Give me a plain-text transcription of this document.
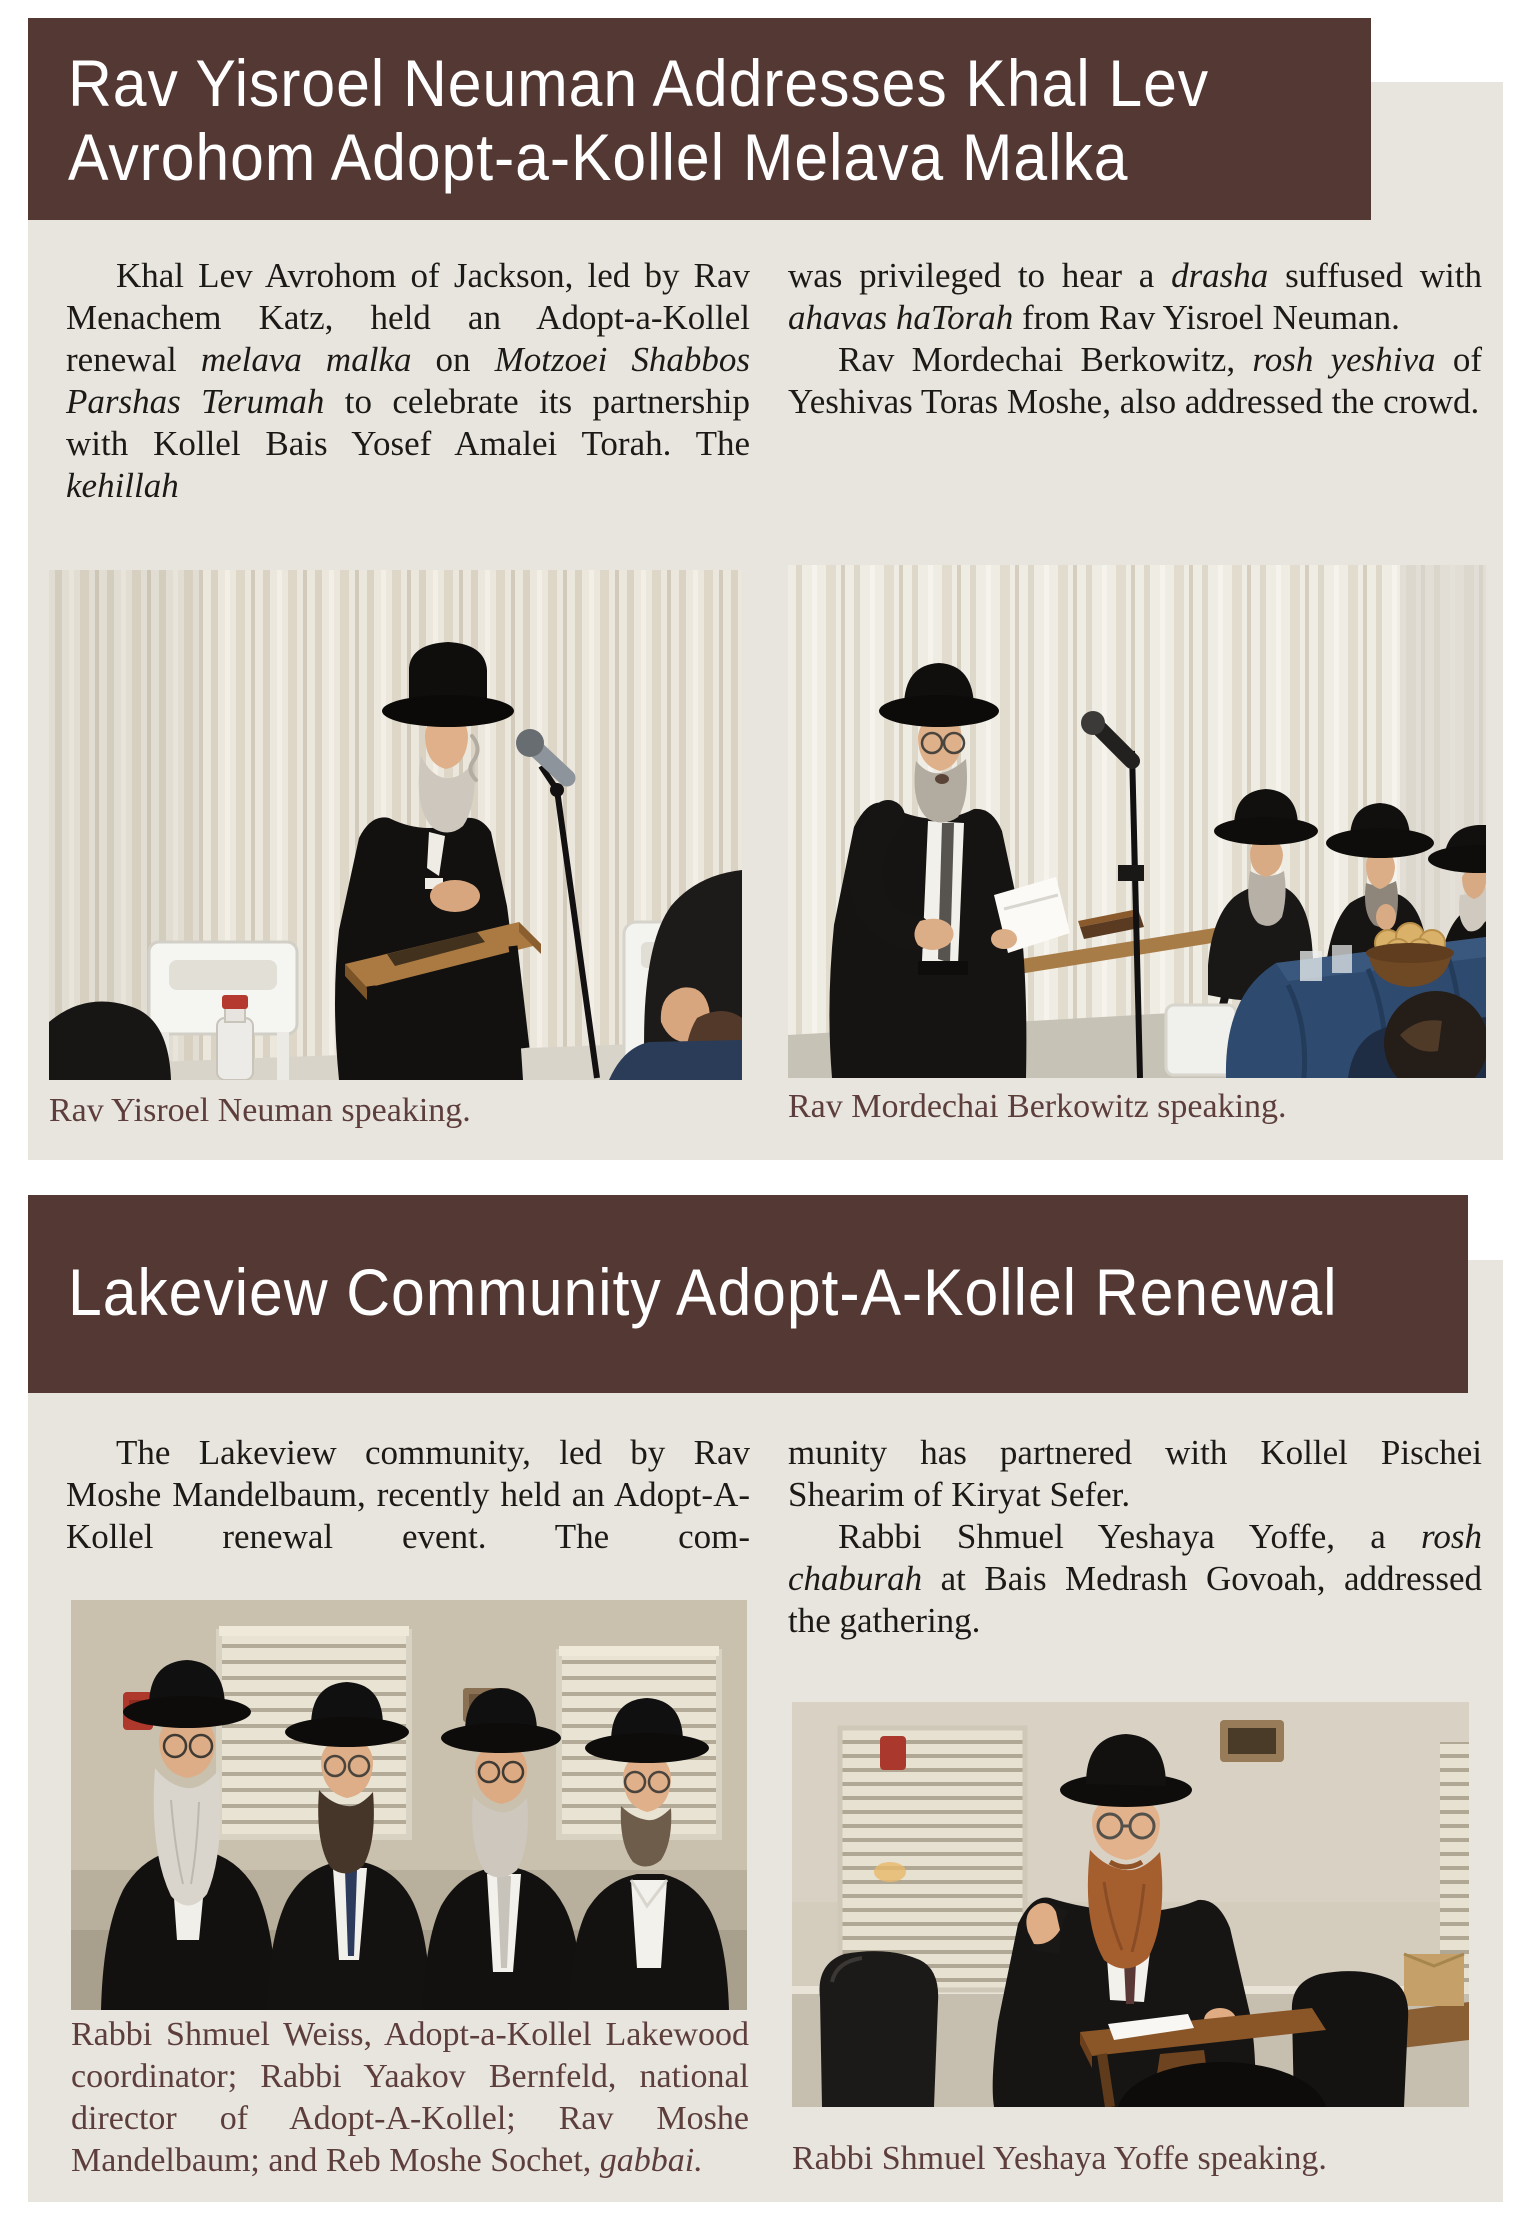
Rav Yisroel Neuman Addresses Khal Lev
Avrohom Adopt-a-Kollel Melava Malka

Khal Lev Avrohom of Jackson, led by Rav Menachem Katz, held an Adopt-a-Kollel renewal melava malka on Motzoei Shabbos Parshas Terumah to celebrate its partnership with Kollel Bais Yosef Amalei Torah. The kehillah

was privileged to hear a drasha suffused with ahavas haTorah from Rav Yisroel Neuman.

Rav Mordechai Berkowitz, rosh yeshiva of Yeshivas Toras Moshe, also addressed the crowd.

Rav Yisroel Neuman speaking.	Rav Mordechai Berkowitz speaking.
Lakeview Community Adopt-A-Kollel Renewal

The Lakeview community, led by Rav Moshe Mandelbaum, recently held an Adopt-A-Kollel renewal event. The com-

munity has partnered with Kollel Pischei Shearim of Kiryat Sefer.

Rabbi Shmuel Yeshaya Yoffe, a rosh chaburah at Bais Medrash Govoah, addressed the gathering.

Rabbi Shmuel Weiss, Adopt-a-Kollel Lakewood coordinator; Rabbi Yaakov Bernfeld, national director of Adopt-A-Kollel; Rav Moshe Mandelbaum; and Reb Moshe Sochet, gabbai.	Rabbi Shmuel Yeshaya Yoffe speaking.
